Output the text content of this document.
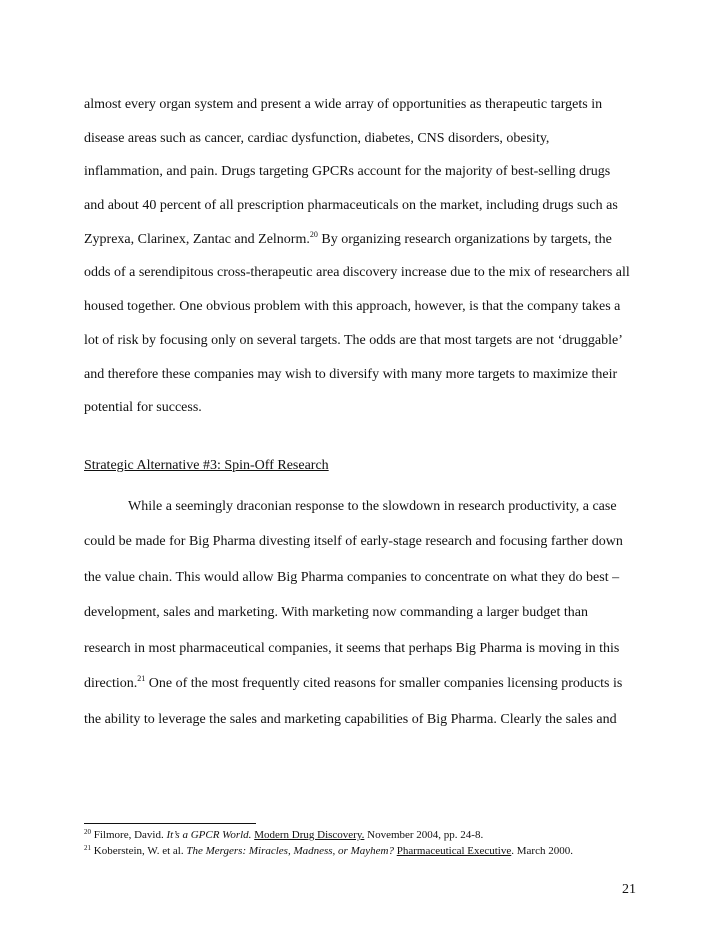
almost every organ system and present a wide array of opportunities as therapeutic targets in
disease areas such as cancer, cardiac dysfunction, diabetes, CNS disorders, obesity,
inflammation, and pain. Drugs targeting GPCRs account for the majority of best-selling drugs
and about 40 percent of all prescription pharmaceuticals on the market, including drugs such as
Zyprexa, Clarinex, Zantac and Zelnorm.$^{20}$ By organizing research organizations by targets, the
odds of a serendipitous cross-therapeutic area discovery increase due to the mix of researchers all
housed together. One obvious problem with this approach, however, is that the company takes a
lot of risk by focusing only on several targets. The odds are that most targets are not ‘druggable’
and therefore these companies may wish to diversify with many more targets to maximize their
potential for success.
Strategic Alternative #3: Spin-Off Research
While a seemingly draconian response to the slowdown in research productivity, a case
could be made for Big Pharma divesting itself of early-stage research and focusing farther down
the value chain. This would allow Big Pharma companies to concentrate on what they do best –
development, sales and marketing. With marketing now commanding a larger budget than
research in most pharmaceutical companies, it seems that perhaps Big Pharma is moving in this
direction.$^{21}$ One of the most frequently cited reasons for smaller companies licensing products is
the ability to leverage the sales and marketing capabilities of Big Pharma. Clearly the sales and
$^{20}$ Filmore, David. It’s a GPCR World. Modern Drug Discovery. November 2004, pp. 24-8.
$^{21}$ Koberstein, W. et al. The Mergers: Miracles, Madness, or Mayhem? Pharmaceutical Executive. March 2000.
21
